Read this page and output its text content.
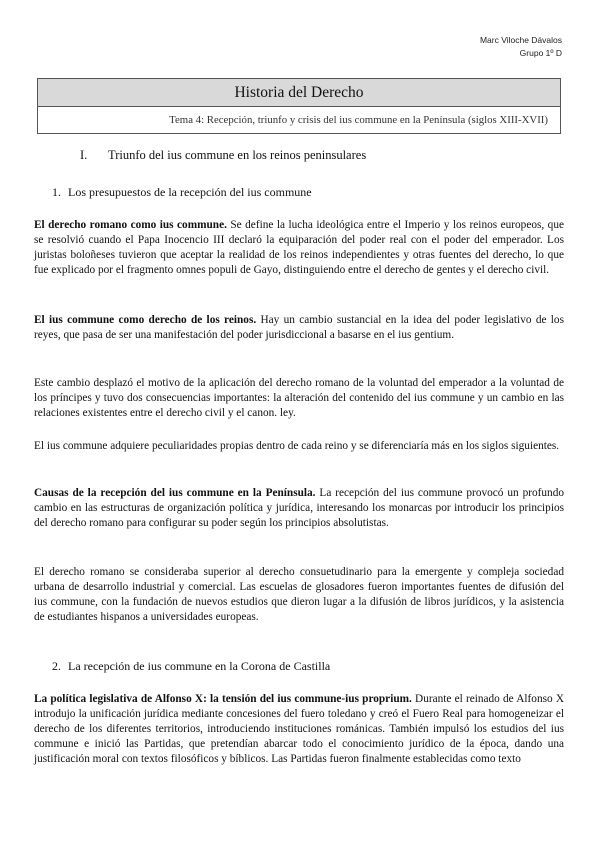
Marc Viloche Dávalos
Grupo 1º D
Historia del Derecho
Tema 4: Recepción, triunfo y crisis del ius commune en la Península (siglos XIII-XVII)
I. Triunfo del ius commune en los reinos peninsulares
1. Los presupuestos de la recepción del ius commune
El derecho romano como ius commune. Se define la lucha ideológica entre el Imperio y los reinos europeos, que se resolvió cuando el Papa Inocencio III declaró la equiparación del poder real con el poder del emperador. Los juristas boloñeses tuvieron que aceptar la realidad de los reinos independientes y otras fuentes del derecho, lo que fue explicado por el fragmento omnes populi de Gayo, distinguiendo entre el derecho de gentes y el derecho civil.
El ius commune como derecho de los reinos. Hay un cambio sustancial en la idea del poder legislativo de los reyes, que pasa de ser una manifestación del poder jurisdiccional a basarse en el ius gentium.
Este cambio desplazó el motivo de la aplicación del derecho romano de la voluntad del emperador a la voluntad de los príncipes y tuvo dos consecuencias importantes: la alteración del contenido del ius commune y un cambio en las relaciones existentes entre el derecho civil y el canon. ley.
El ius commune adquiere peculiaridades propias dentro de cada reino y se diferenciaría más en los siglos siguientes.
Causas de la recepción del ius commune en la Península. La recepción del ius commune provocó un profundo cambio en las estructuras de organización política y jurídica, interesando los monarcas por introducir los principios del derecho romano para configurar su poder según los principios absolutistas.
El derecho romano se consideraba superior al derecho consuetudinario para la emergente y compleja sociedad urbana de desarrollo industrial y comercial. Las escuelas de glosadores fueron importantes fuentes de difusión del ius commune, con la fundación de nuevos estudios que dieron lugar a la difusión de libros jurídicos, y la asistencia de estudiantes hispanos a universidades europeas.
2. La recepción de ius commune en la Corona de Castilla
La política legislativa de Alfonso X: la tensión del ius commune-ius proprium. Durante el reinado de Alfonso X introdujo la unificación jurídica mediante concesiones del fuero toledano y creó el Fuero Real para homogeneizar el derecho de los diferentes territorios, introduciendo instituciones románicas. También impulsó los estudios del ius commune e inició las Partidas, que pretendían abarcar todo el conocimiento jurídico de la época, dando una justificación moral con textos filosóficos y bíblicos. Las Partidas fueron finalmente establecidas como texto
